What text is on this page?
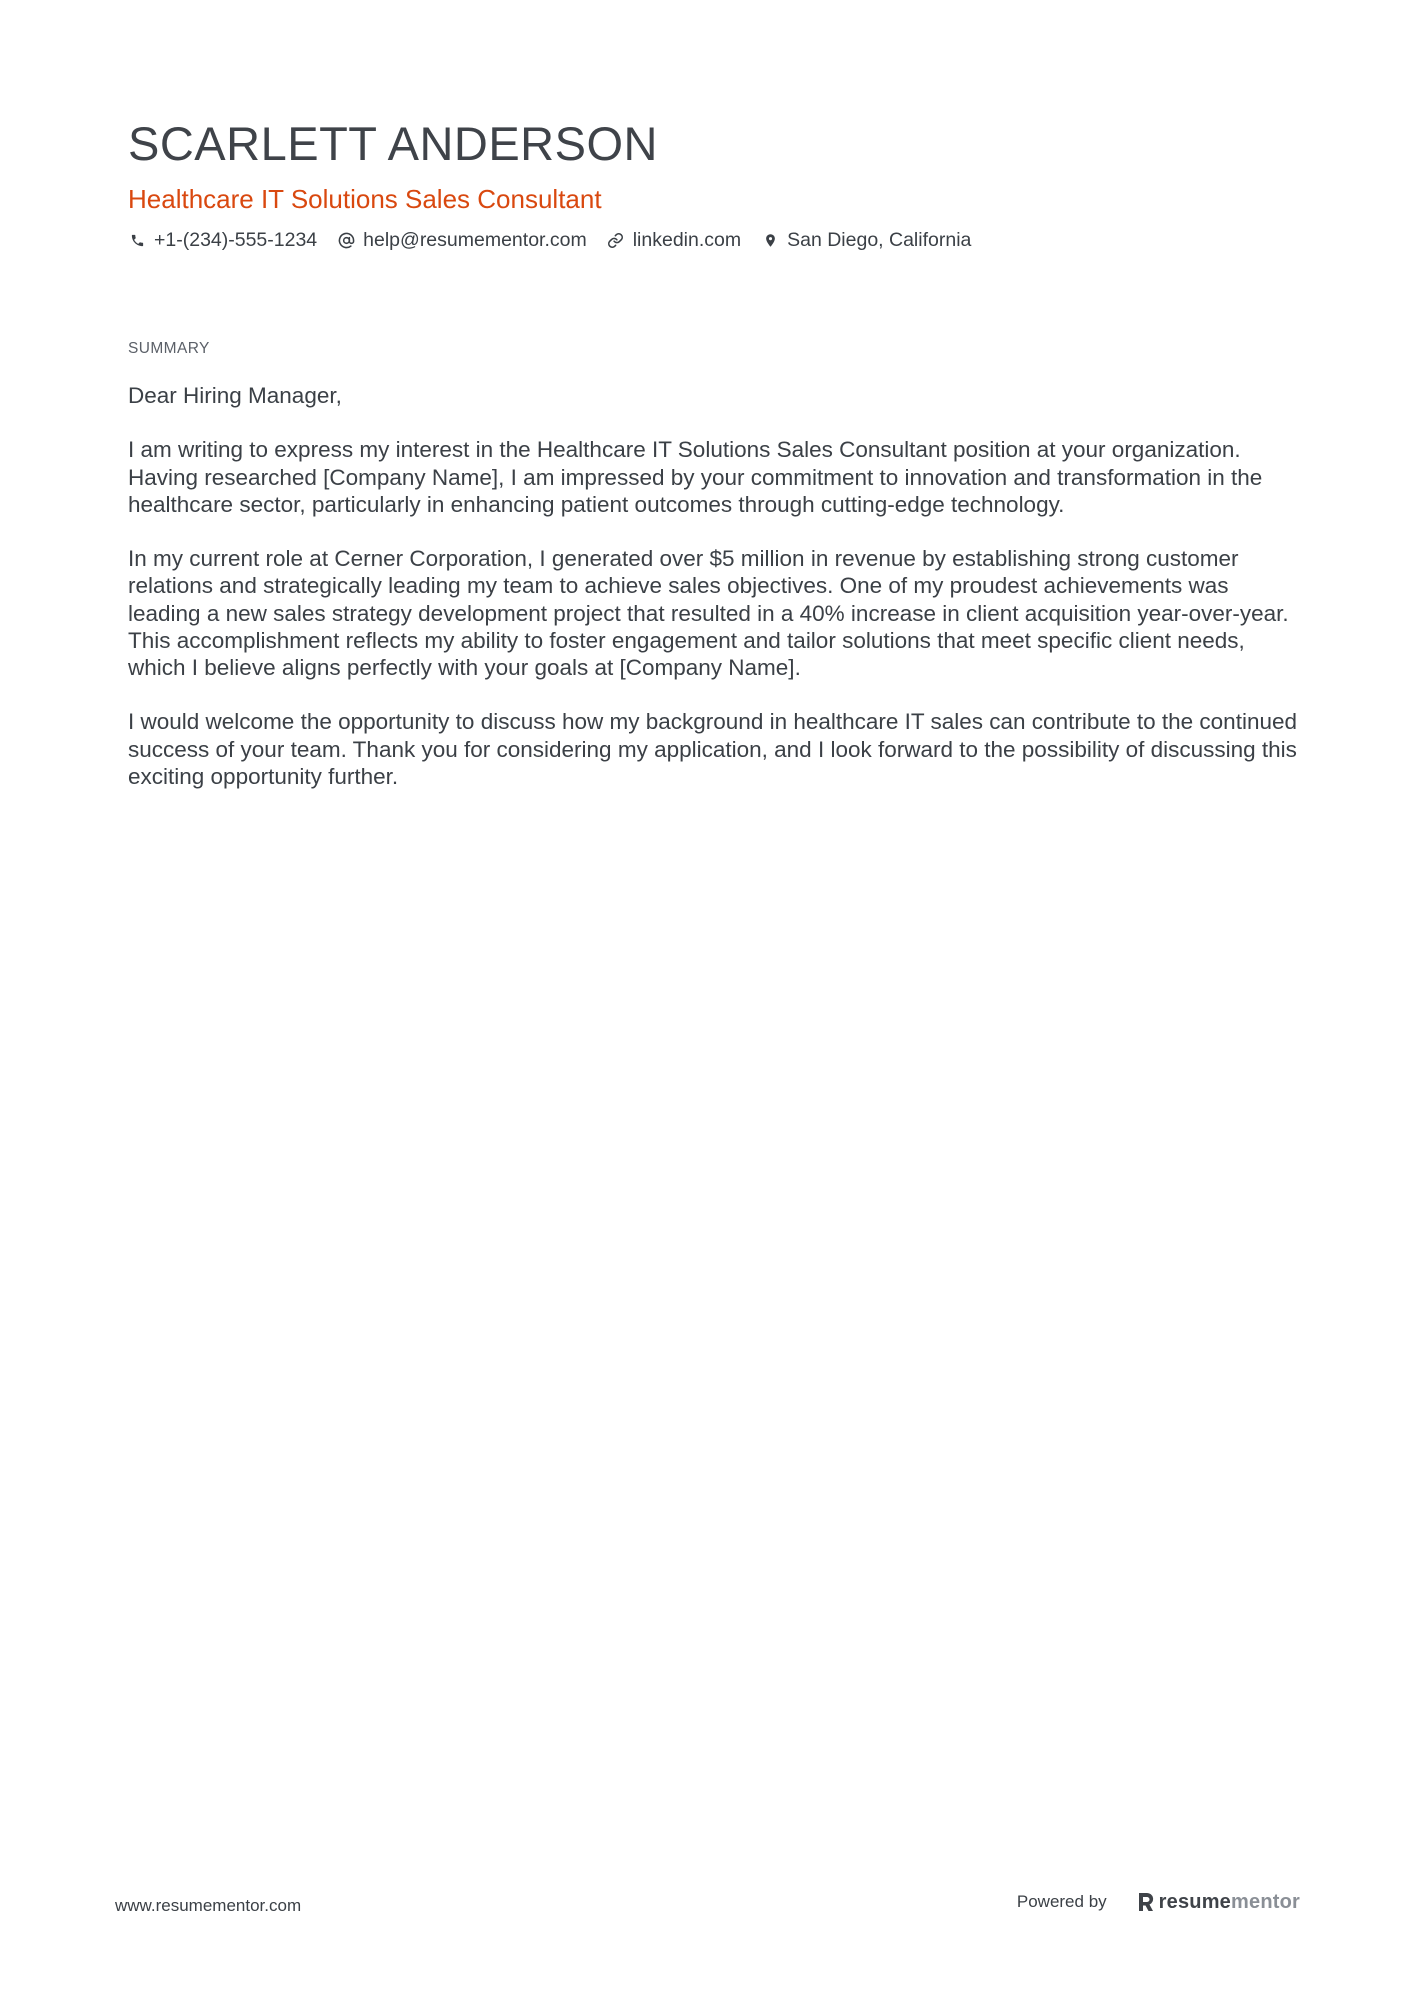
SCARLETT ANDERSON
Healthcare IT Solutions Sales Consultant
+1-(234)-555-1234 help@resumementor.com linkedin.com San Diego, California
SUMMARY

Dear Hiring Manager,

I am writing to express my interest in the Healthcare IT Solutions Sales Consultant position at your organization. Having researched [Company Name], I am impressed by your commitment to innovation and transformation in the healthcare sector, particularly in enhancing patient outcomes through cutting-edge technology.

In my current role at Cerner Corporation, I generated over $5 million in revenue by establishing strong customer relations and strategically leading my team to achieve sales objectives. One of my proudest achievements was leading a new sales strategy development project that resulted in a 40% increase in client acquisition year-over-year. This accomplishment reflects my ability to foster engagement and tailor solutions that meet specific client needs, which I believe aligns perfectly with your goals at [Company Name].

I would welcome the opportunity to discuss how my background in healthcare IT sales can contribute to the continued success of your team. Thank you for considering my application, and I look forward to the possibility of discussing this exciting opportunity further.

www.resumementor.com	Powered by	resumementor
